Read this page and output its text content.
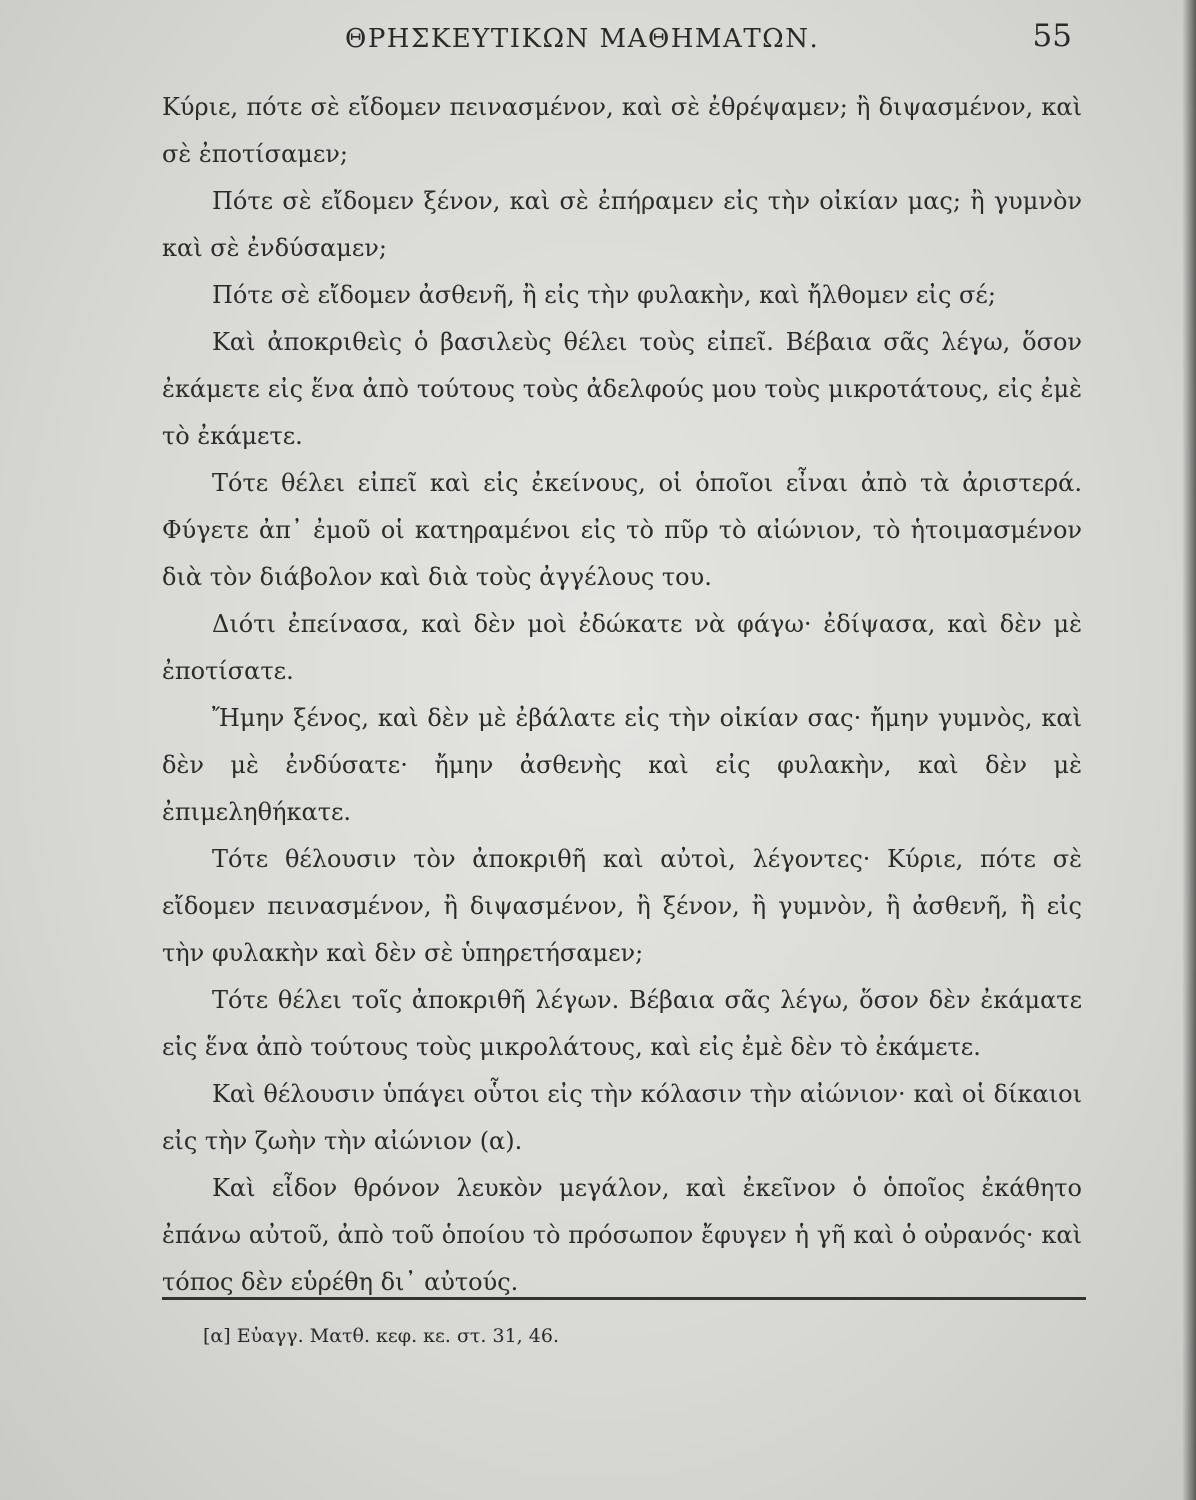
ΘΡΗΣΚΕΥΤΙΚΩΝ ΜΑΘΗΜΑΤΩΝ.	55

Κύριε, πότε σὲ εἴδομεν πεινασμένον, καὶ σὲ ἐθρέψαμεν; ἢ διψασμένον, καὶ σὲ ἐποτίσαμεν;

Πότε σὲ εἴδομεν ξένον, καὶ σὲ ἐπήραμεν εἰς τὴν οἰκίαν μας; ἢ γυμνὸν καὶ σὲ ἐνδύσαμεν;

Πότε σὲ εἴδομεν ἀσθενῆ, ἢ εἰς τὴν φυλακὴν, καὶ ἤλθομεν εἰς σέ;

Καὶ ἀποκριθεὶς ὁ βασιλεὺς θέλει τοὺς εἰπεῖ. Βέβαια σᾶς λέγω, ὅσον ἐκάμετε εἰς ἕνα ἀπὸ τούτους τοὺς ἀδελφούς μου τοὺς μικροτάτους, εἰς ἐμὲ τὸ ἐκάμετε.

Τότε θέλει εἰπεῖ καὶ εἰς ἐκείνους, οἱ ὁποῖοι εἶναι ἀπὸ τὰ ἀριστερά. Φύγετε ἀπ᾽ ἐμοῦ οἱ κατηραμένοι εἰς τὸ πῦρ τὸ αἰώνιον, τὸ ἡτοιμασμένον διὰ τὸν διάβολον καὶ διὰ τοὺς ἀγγέλους του.

Διότι ἐπείνασα, καὶ δὲν μοὶ ἐδώκατε νὰ φάγω· ἐδίψασα, καὶ δὲν μὲ ἐποτίσατε.

Ἤμην ξένος, καὶ δὲν μὲ ἐβάλατε εἰς τὴν οἰκίαν σας· ἤμην γυμνὸς, καὶ δὲν μὲ ἐνδύσατε· ἤμην ἀσθενὴς καὶ εἰς φυλακὴν, καὶ δὲν μὲ ἐπιμεληθήκατε.

Τότε θέλουσιν τὸν ἀποκριθῆ καὶ αὐτοὶ, λέγοντες· Κύριε, πότε σὲ εἴδομεν πεινασμένον, ἢ διψασμένον, ἢ ξένον, ἢ γυμνὸν, ἢ ἀσθενῆ, ἢ εἰς τὴν φυλακὴν καὶ δὲν σὲ ὑπηρετήσαμεν;

Τότε θέλει τοῖς ἀποκριθῆ λέγων. Βέβαια σᾶς λέγω, ὅσον δὲν ἐκάματε εἰς ἕνα ἀπὸ τούτους τοὺς μικρολάτους, καὶ εἰς ἐμὲ δὲν τὸ ἐκάμετε.

Καὶ θέλουσιν ὑπάγει οὗτοι εἰς τὴν κόλασιν τὴν αἰώνιον· καὶ οἱ δίκαιοι εἰς τὴν ζωὴν τὴν αἰώνιον (α).

Καὶ εἶδον θρόνον λευκὸν μεγάλον, καὶ ἐκεῖνον ὁ ὁποῖος ἐκάθητο ἐπάνω αὐτοῦ, ἀπὸ τοῦ ὁποίου τὸ πρόσωπον ἔφυγεν ἡ γῆ καὶ ὁ οὐρανός· καὶ τόπος δὲν εὑρέθη δι᾽ αὐτούς.

[α] Εὐαγγ. Ματθ. κεφ. κε. στ. 31, 46.
